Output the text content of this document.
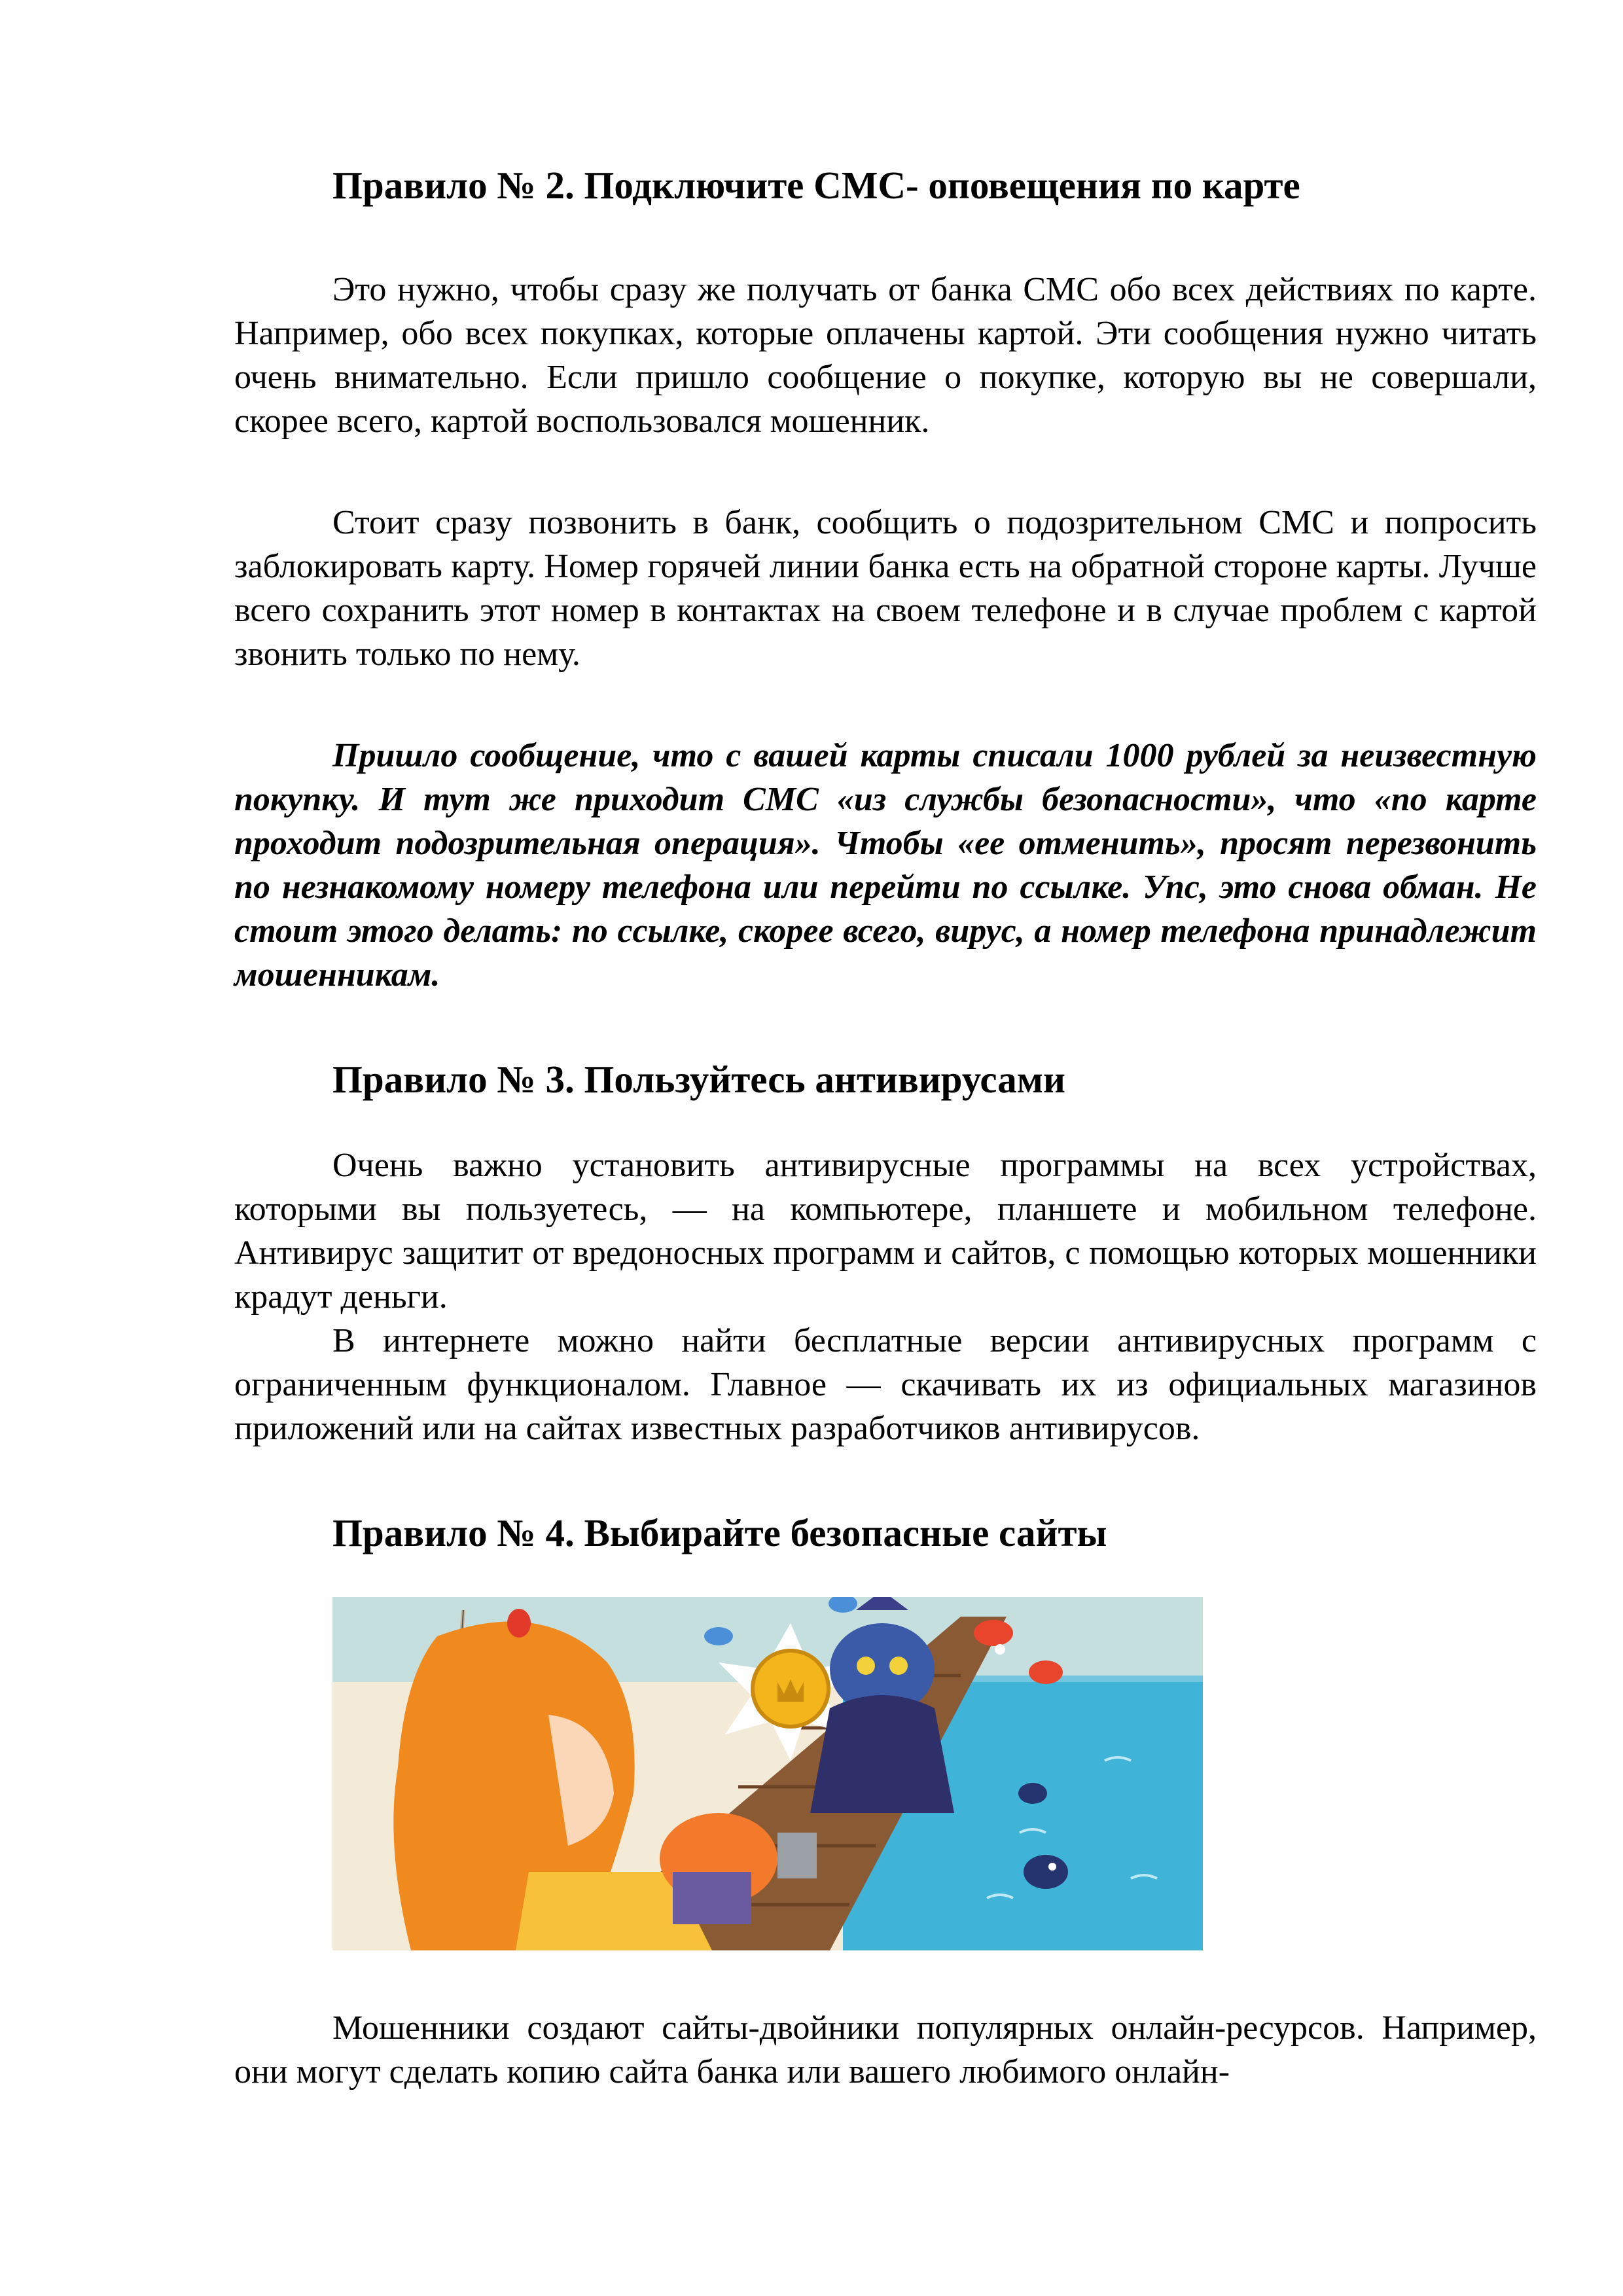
Правило № 2. Подключите СМС- оповещения по карте

Это нужно, чтобы сразу же получать от банка СМС обо всех действиях по карте. Например, обо всех покупках, которые оплачены картой. Эти сообщения нужно читать очень внимательно. Если пришло сообщение о покупке, которую вы не совершали, скорее всего, картой воспользовался мошенник.

Стоит сразу позвонить в банк, сообщить о подозрительном СМС и попросить заблокировать карту. Номер горячей линии банка есть на обратной стороне карты. Лучше всего сохранить этот номер в контактах на своем телефоне и в случае проблем с картой звонить только по нему.

Пришло сообщение, что с вашей карты списали 1000 рублей за неизвестную покупку. И тут же приходит СМС «из службы безопасности», что «по карте проходит подозрительная операция». Чтобы «ее отменить», просят перезвонить по незнакомому номеру телефона или перейти по ссылке. Упс, это снова обман. Не стоит этого делать: по ссылке, скорее всего, вирус, а номер телефона принадлежит мошенникам.

Правило № 3. Пользуйтесь антивирусами

Очень важно установить антивирусные программы на всех устройствах, которыми вы пользуетесь, — на компьютере, планшете и мобильном телефоне. Антивирус защитит от вредоносных программ и сайтов, с помощью которых мошенники крадут деньги.

В интернете можно найти бесплатные версии антивирусных программ с ограниченным функционалом. Главное — скачивать их из официальных магазинов приложений или на сайтах известных разработчиков антивирусов.

Правило № 4. Выбирайте безопасные сайты

Мошенники создают сайты-двойники популярных онлайн-ресурсов. Например, они могут сделать копию сайта банка или вашего любимого онлайн-
